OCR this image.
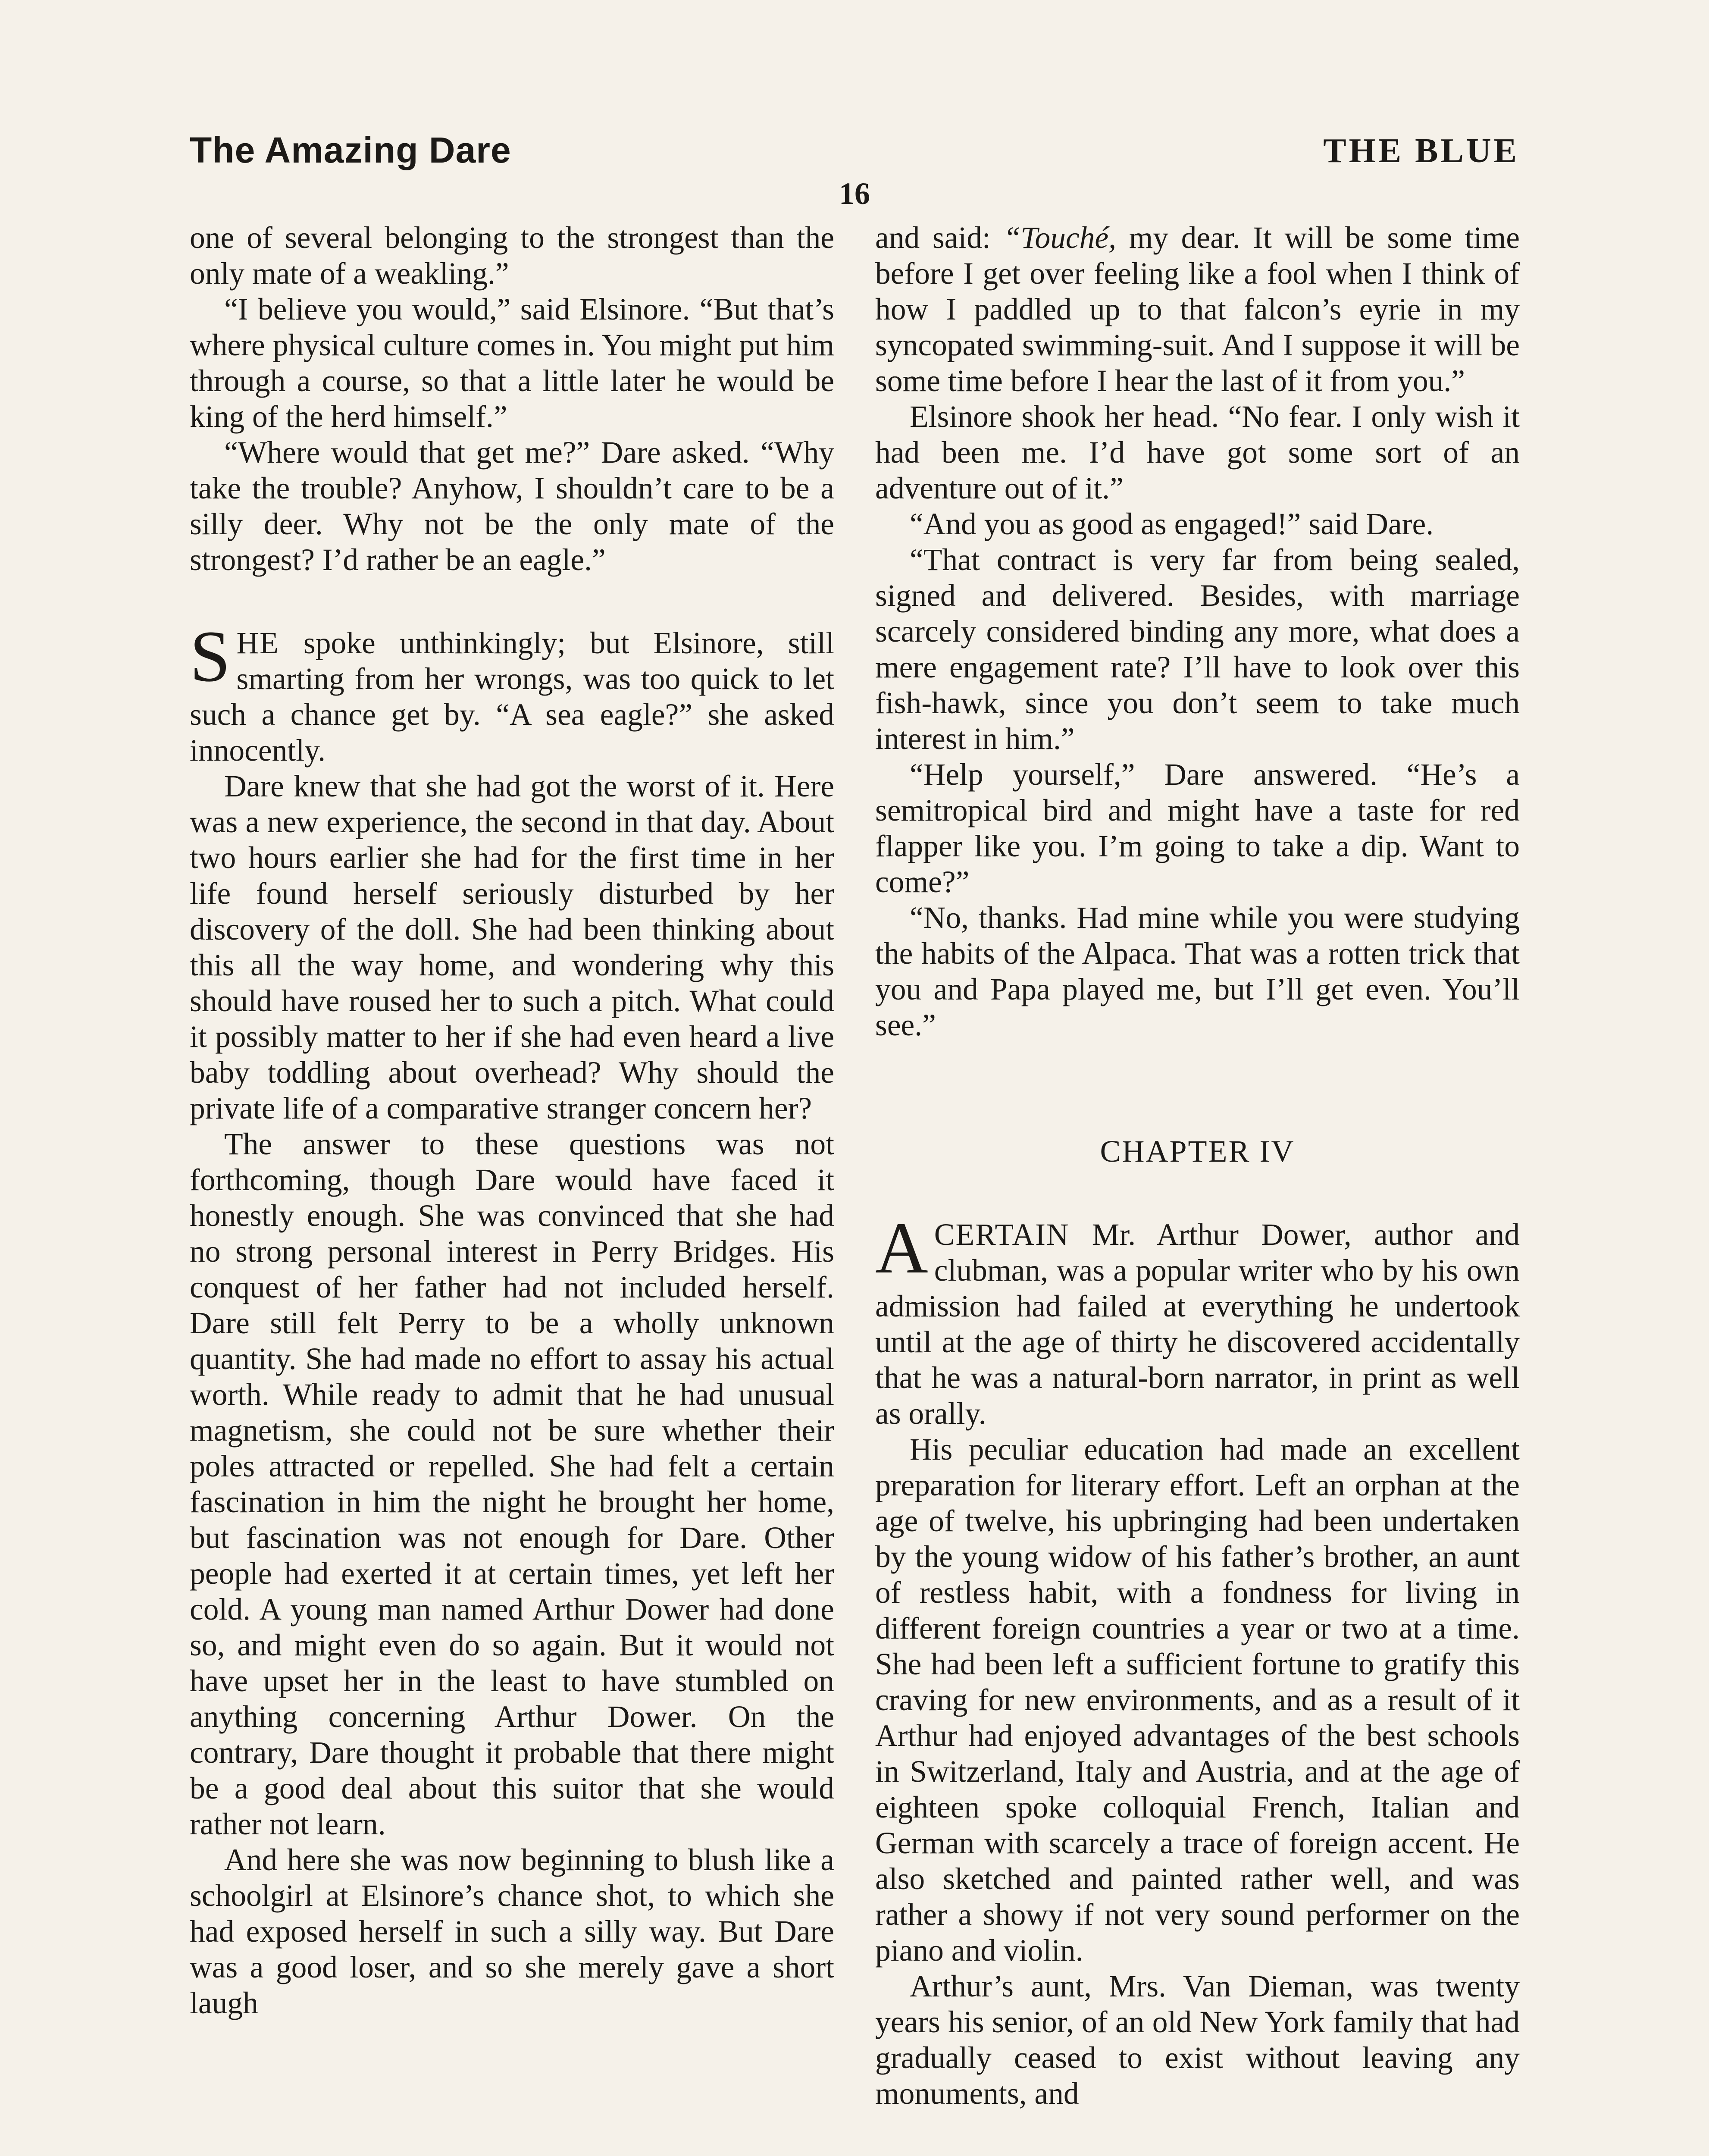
The Amazing Dare	THE BLUE
16

one of several belonging to the strongest than the only mate of a weakling.”

“I believe you would,” said Elsinore. “But that’s where physical culture comes in. You might put him through a course, so that a little later he would be king of the herd himself.”

“Where would that get me?” Dare asked. “Why take the trouble? Anyhow, I shouldn’t care to be a silly deer. Why not be the only mate of the strongest? I’d rather be an eagle.”

SHE spoke unthinkingly; but Elsinore, still smarting from her wrongs, was too quick to let such a chance get by. “A sea eagle?” she asked innocently.

Dare knew that she had got the worst of it. Here was a new experience, the second in that day. About two hours earlier she had for the first time in her life found herself seriously disturbed by her discovery of the doll. She had been thinking about this all the way home, and wondering why this should have roused her to such a pitch. What could it possibly matter to her if she had even heard a live baby toddling about overhead? Why should the private life of a comparative stranger concern her?

The answer to these questions was not forthcoming, though Dare would have faced it honestly enough. She was convinced that she had no strong personal interest in Perry Bridges. His conquest of her father had not included herself. Dare still felt Perry to be a wholly unknown quantity. She had made no effort to assay his actual worth. While ready to admit that he had unusual magnetism, she could not be sure whether their poles attracted or repelled. She had felt a certain fascination in him the night he brought her home, but fascination was not enough for Dare. Other people had exerted it at certain times, yet left her cold. A young man named Arthur Dower had done so, and might even do so again. But it would not have upset her in the least to have stumbled on anything concerning Arthur Dower. On the contrary, Dare thought it probable that there might be a good deal about this suitor that she would rather not learn.

And here she was now beginning to blush like a schoolgirl at Elsinore’s chance shot, to which she had exposed herself in such a silly way. But Dare was a good loser, and so she merely gave a short laugh

and said: “Touché, my dear. It will be some time before I get over feeling like a fool when I think of how I paddled up to that falcon’s eyrie in my syncopated swimming-suit. And I suppose it will be some time before I hear the last of it from you.”

Elsinore shook her head. “No fear. I only wish it had been me. I’d have got some sort of an adventure out of it.”

“And you as good as engaged!” said Dare.

“That contract is very far from being sealed, signed and delivered. Besides, with marriage scarcely considered binding any more, what does a mere engagement rate? I’ll have to look over this fish-hawk, since you don’t seem to take much interest in him.”

“Help yourself,” Dare answered. “He’s a semitropical bird and might have a taste for red flapper like you. I’m going to take a dip. Want to come?”

“No, thanks. Had mine while you were studying the habits of the Alpaca. That was a rotten trick that you and Papa played me, but I’ll get even. You’ll see.”

CHAPTER IV

ACERTAIN Mr. Arthur Dower, author and clubman, was a popular writer who by his own admission had failed at everything he undertook until at the age of thirty he discovered accidentally that he was a natural-born narrator, in print as well as orally.

His peculiar education had made an excellent preparation for literary effort. Left an orphan at the age of twelve, his upbringing had been undertaken by the young widow of his father’s brother, an aunt of restless habit, with a fondness for living in different foreign countries a year or two at a time. She had been left a sufficient fortune to gratify this craving for new environments, and as a result of it Arthur had enjoyed advantages of the best schools in Switzerland, Italy and Austria, and at the age of eighteen spoke colloquial French, Italian and German with scarcely a trace of foreign accent. He also sketched and painted rather well, and was rather a showy if not very sound performer on the piano and violin.

Arthur’s aunt, Mrs. Van Dieman, was twenty years his senior, of an old New York family that had gradually ceased to exist without leaving any monuments, and
